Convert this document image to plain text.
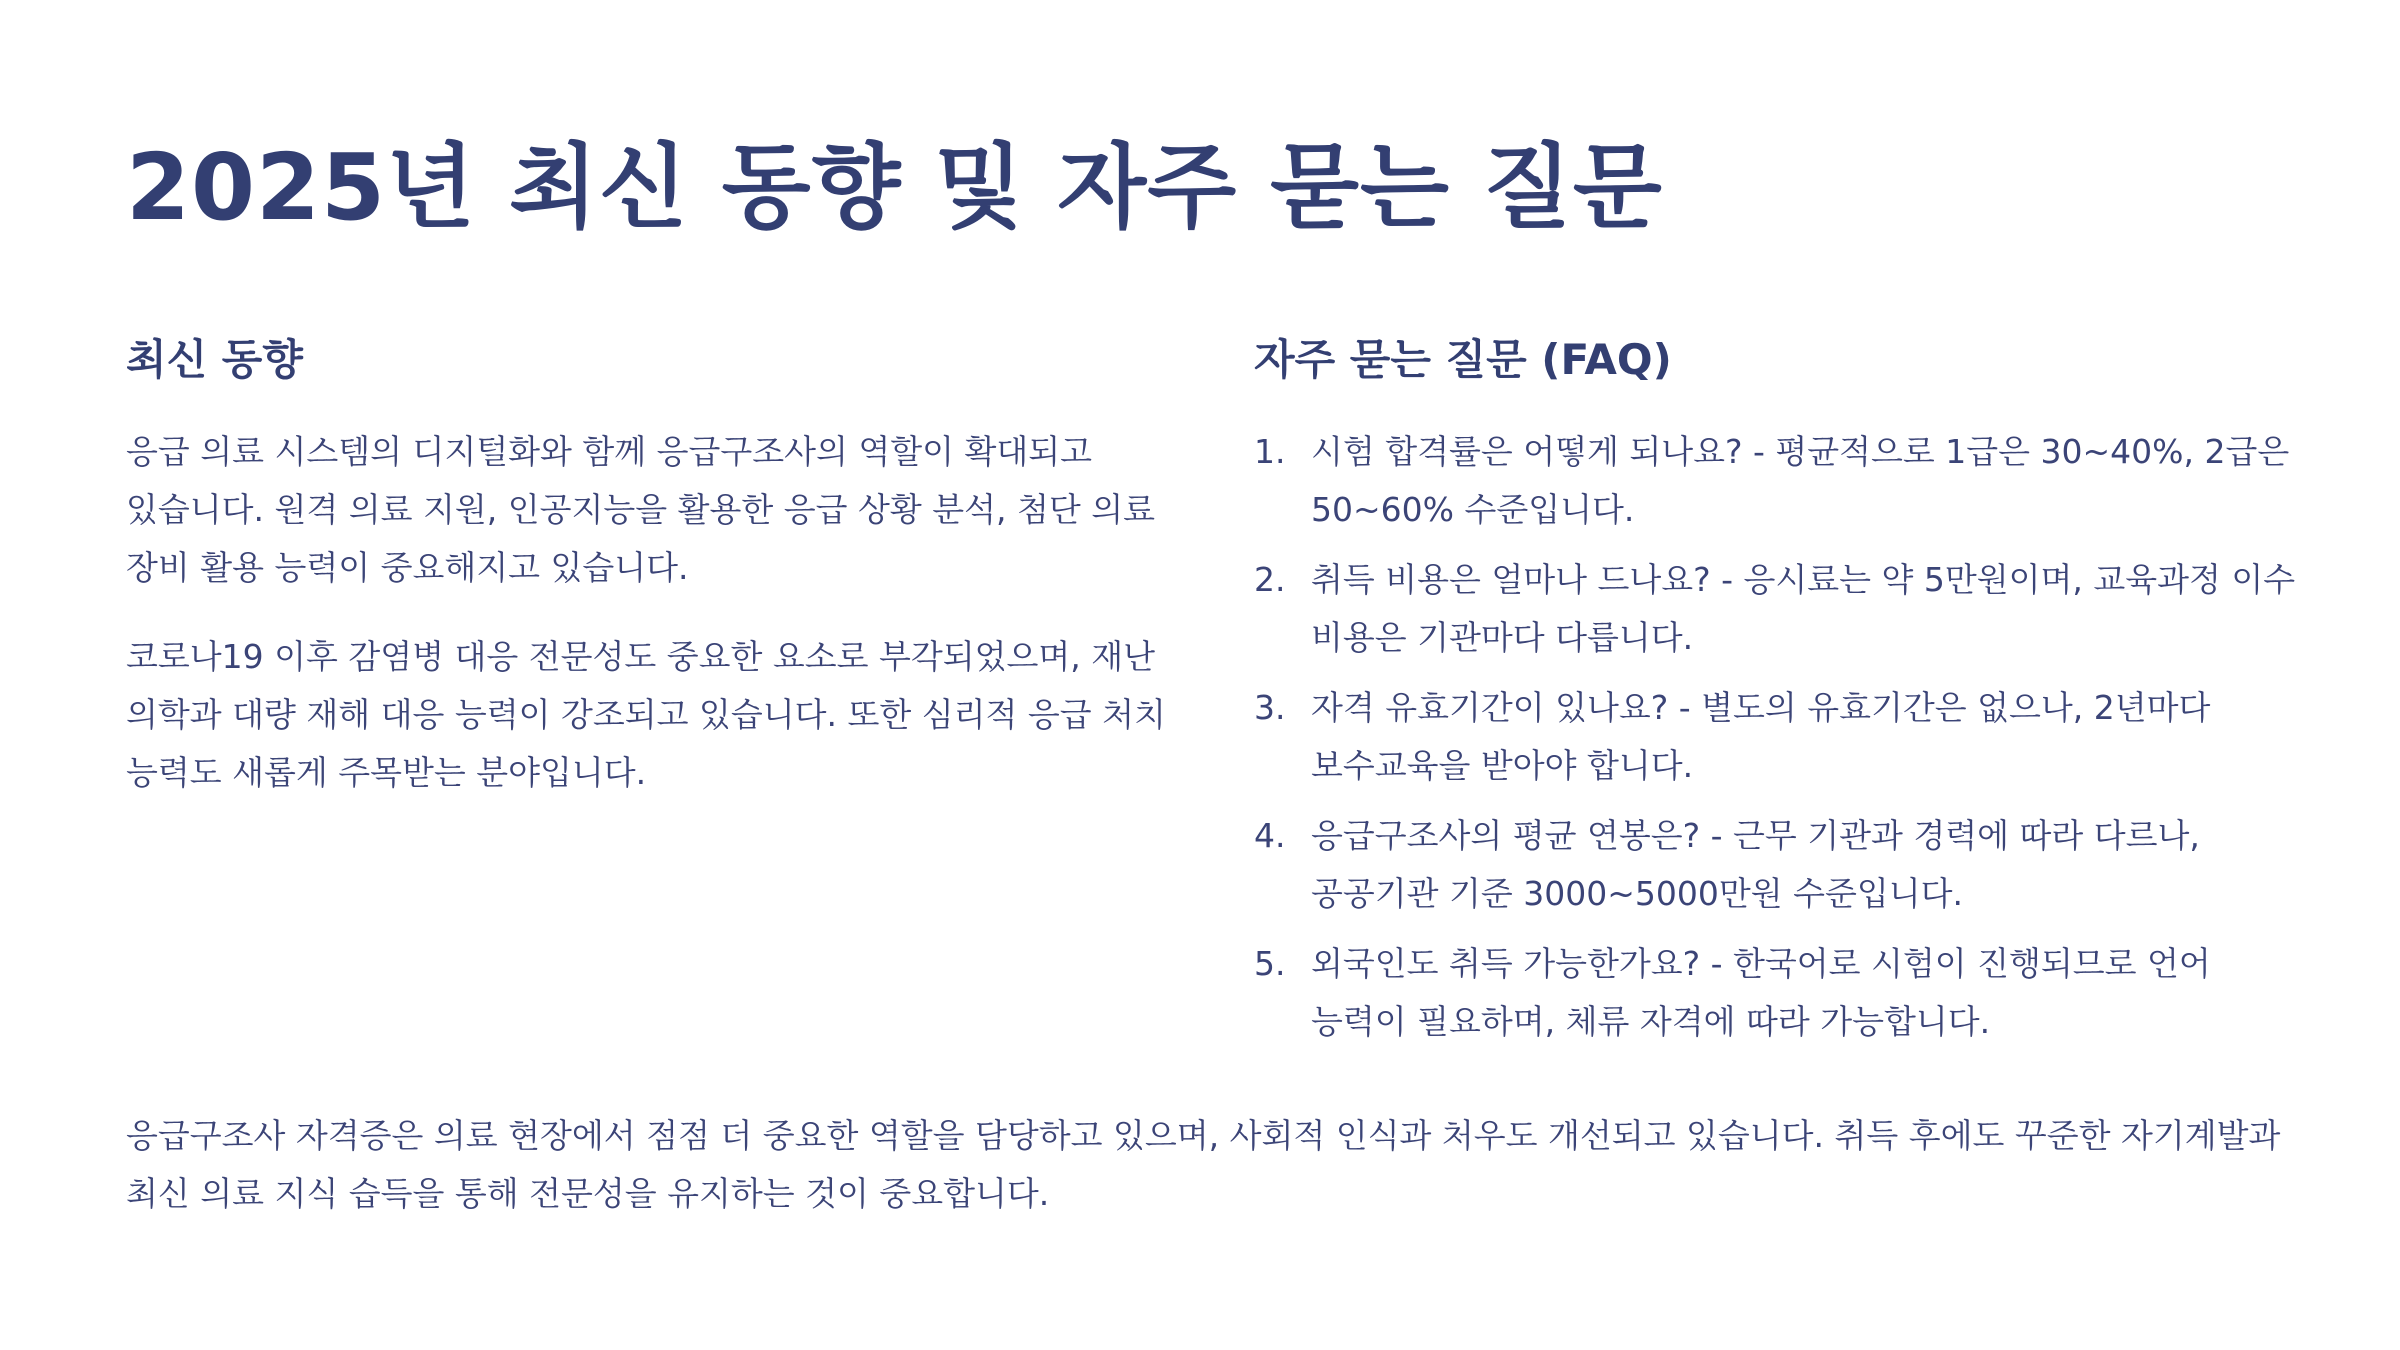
2025년 최신 동향 및 자주 묻는 질문
최신 동향

응급 의료 시스템의 디지털화와 함께 응급구조사의 역할이 확대되고 있습니다. 원격 의료 지원, 인공지능을 활용한 응급 상황 분석, 첨단 의료 장비 활용 능력이 중요해지고 있습니다.

코로나19 이후 감염병 대응 전문성도 중요한 요소로 부각되었으며, 재난 의학과 대량 재해 대응 능력이 강조되고 있습니다. 또한 심리적 응급 처치 능력도 새롭게 주목받는 분야입니다.

자주 묻는 질문 (FAQ)
1. 시험 합격률은 어떻게 되나요? - 평균적으로 1급은 30~40%, 2급은 50~60% 수준입니다.
2. 취득 비용은 얼마나 드나요? - 응시료는 약 5만원이며, 교육과정 이수 비용은 기관마다 다릅니다.
3. 자격 유효기간이 있나요? - 별도의 유효기간은 없으나, 2년마다 보수교육을 받아야 합니다.
4. 응급구조사의 평균 연봉은? - 근무 기관과 경력에 따라 다르나, 공공기관 기준 3000~5000만원 수준입니다.
5. 외국인도 취득 가능한가요? - 한국어로 시험이 진행되므로 언어 능력이 필요하며, 체류 자격에 따라 가능합니다.

응급구조사 자격증은 의료 현장에서 점점 더 중요한 역할을 담당하고 있으며, 사회적 인식과 처우도 개선되고 있습니다. 취득 후에도 꾸준한 자기계발과 최신 의료 지식 습득을 통해 전문성을 유지하는 것이 중요합니다.
